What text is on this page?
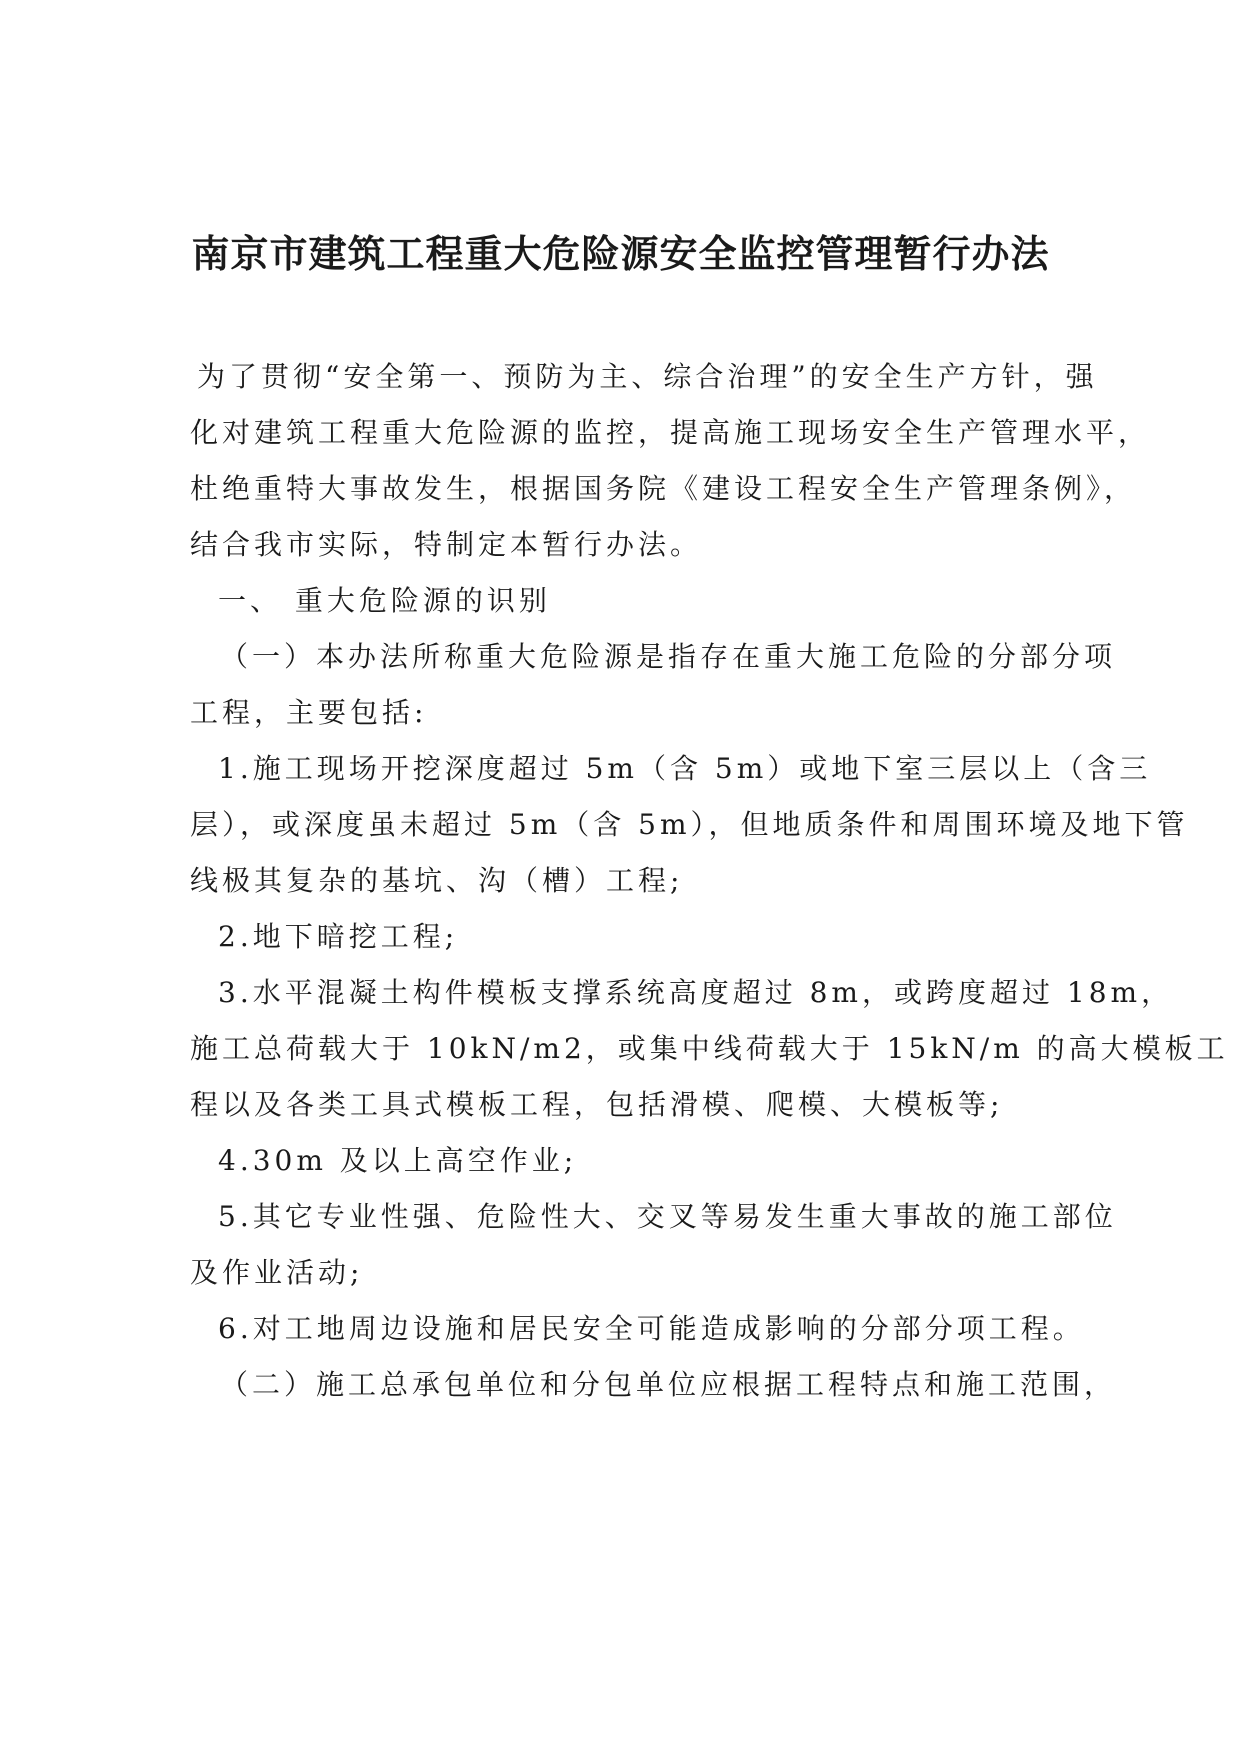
南京市建筑工程重大危险源安全监控管理暂行办法

为了贯彻“安全第一、预防为主、综合治理”的安全生产方针，强

化对建筑工程重大危险源的监控，提高施工现场安全生产管理水平，

杜绝重特大事故发生，根据国务院《建设工程安全生产管理条例》，

结合我市实际，特制定本暂行办法。

一、 重大危险源的识别

（一）本办法所称重大危险源是指存在重大施工危险的分部分项

工程，主要包括:

1.施工现场开挖深度超过 5m（含 5m）或地下室三层以上（含三

层），或深度虽未超过 5m（含 5m），但地质条件和周围环境及地下管

线极其复杂的基坑、沟（槽）工程;

2.地下暗挖工程;

3.水平混凝土构件模板支撑系统高度超过 8m，或跨度超过 18m，

施工总荷载大于 10kN/m2，或集中线荷载大于 15kN/m 的高大模板工

程以及各类工具式模板工程，包括滑模、爬模、大模板等;

4.30m 及以上高空作业;

5.其它专业性强、危险性大、交叉等易发生重大事故的施工部位

及作业活动;

6.对工地周边设施和居民安全可能造成影响的分部分项工程。

（二）施工总承包单位和分包单位应根据工程特点和施工范围，
